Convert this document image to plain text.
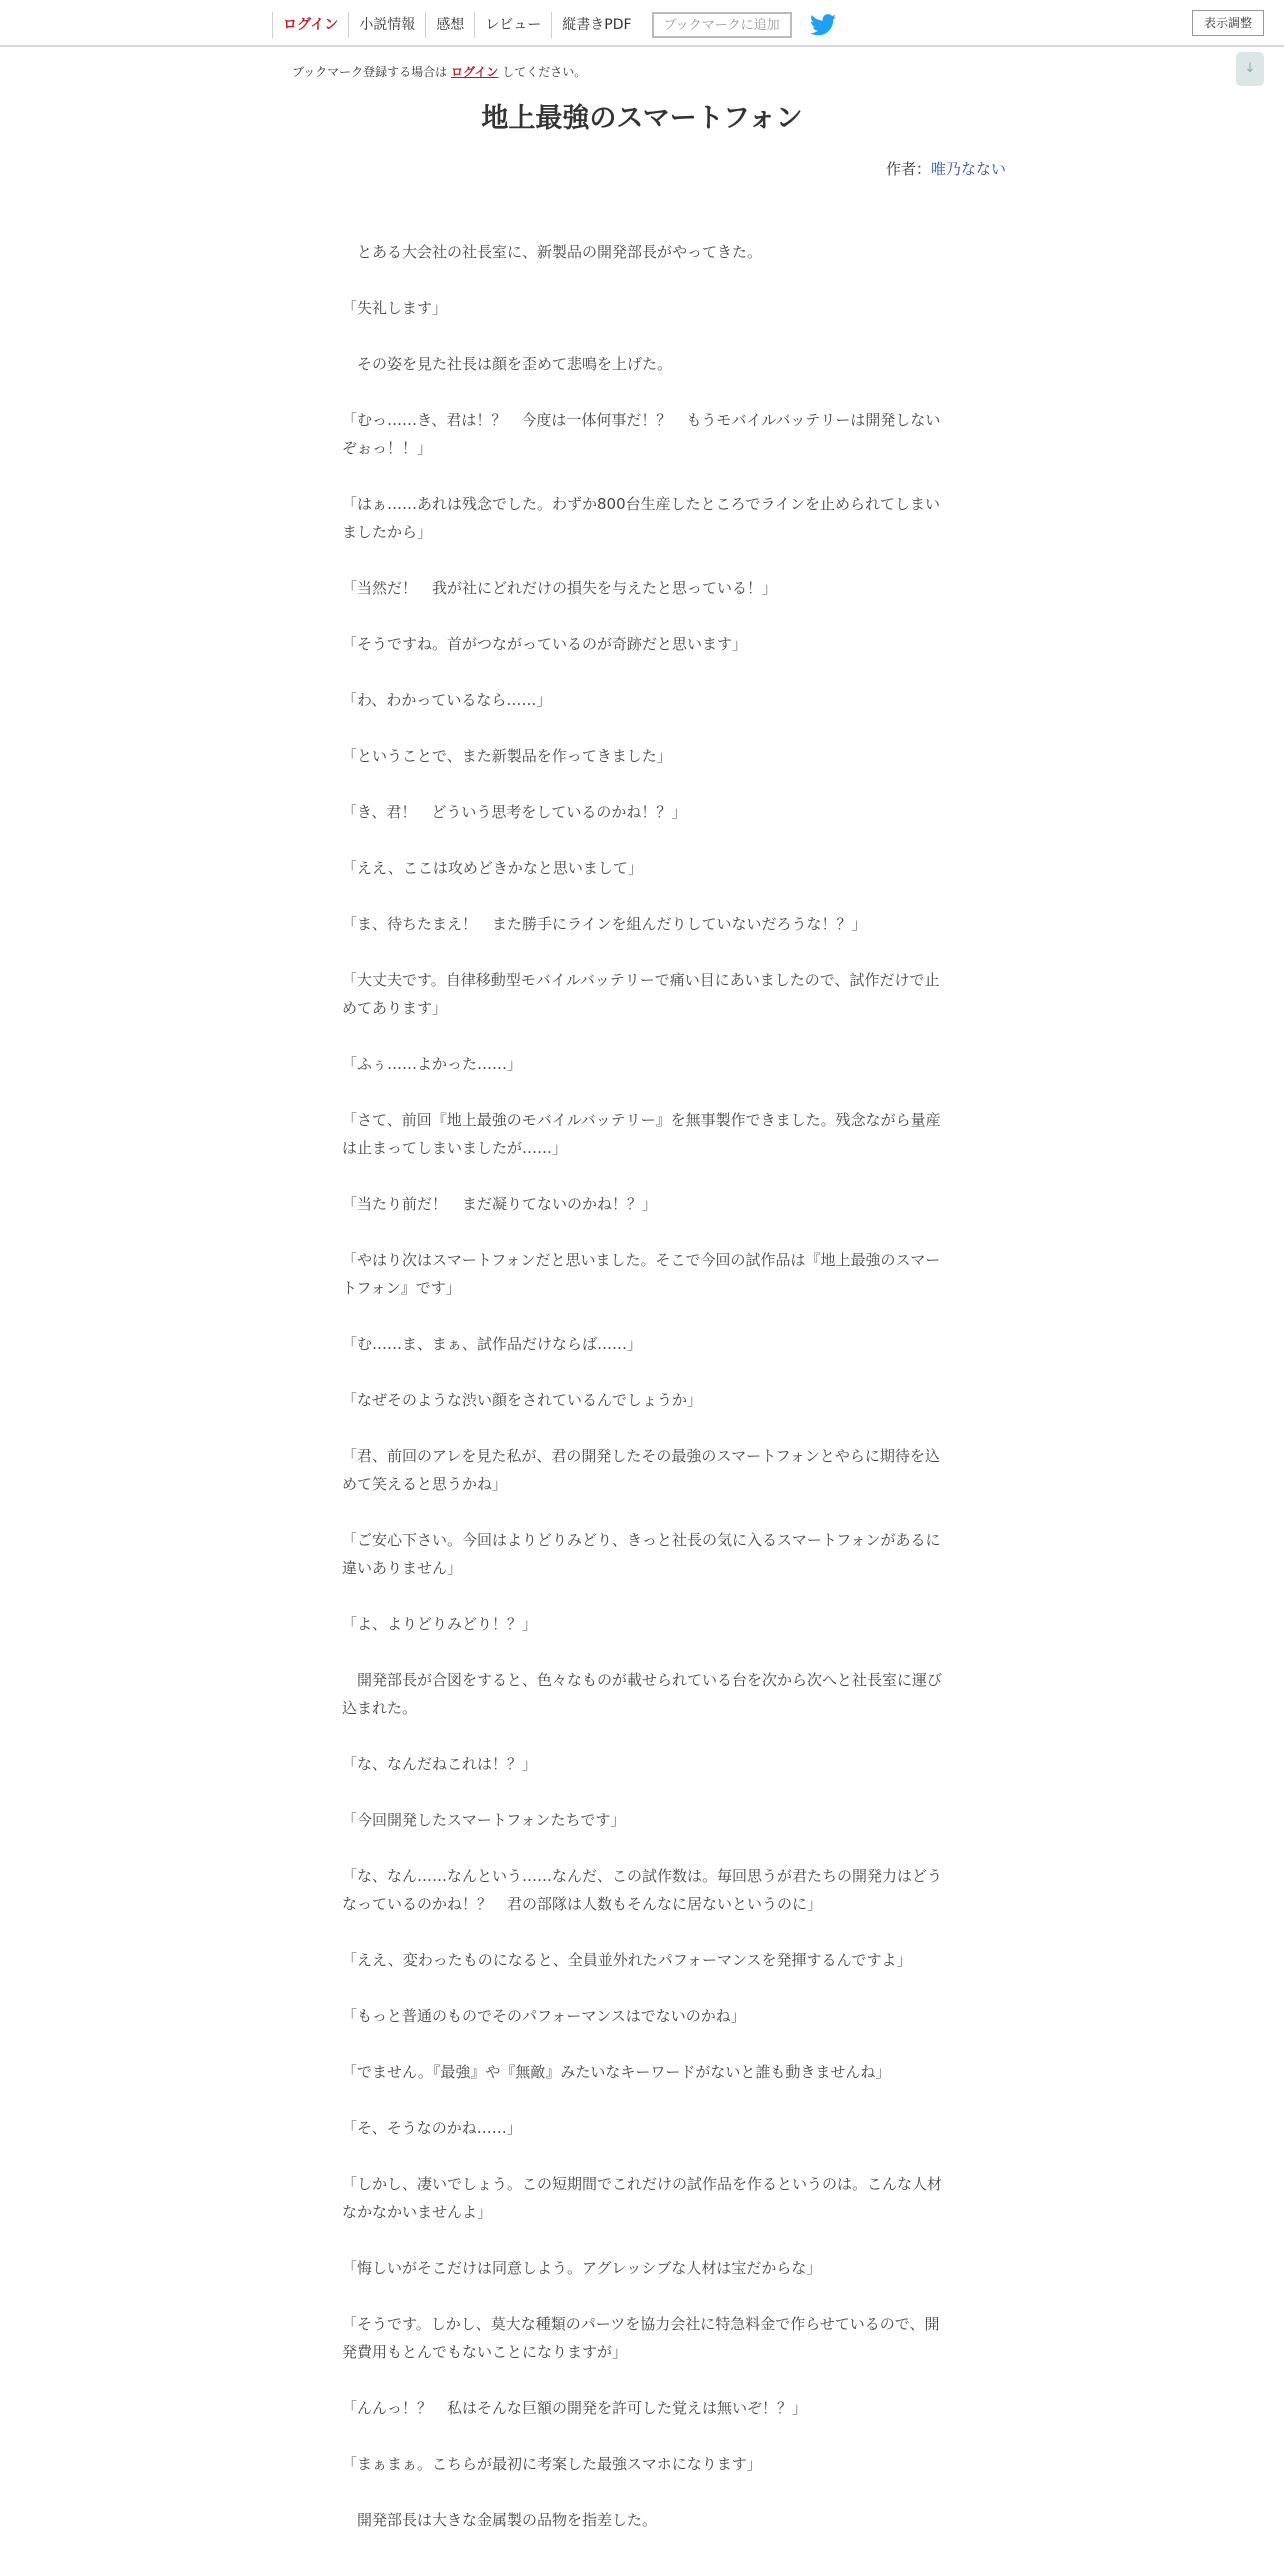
ログイン	小説情報	感想	レビュー	縦書きPDF	ブックマークに追加	表示調整
↓
ブックマーク登録する場合は ログイン してください。
地上最強のスマートフォン
作者：唯乃なない

　とある大会社の社長室に、新製品の開発部長がやってきた。

「失礼します」

　その姿を見た社長は顔を歪めて悲鳴を上げた。

「むっ……き、君は！？　今度は一体何事だ！？　もうモバイルバッテリーは開発しないぞぉっ！！」

「はぁ……あれは残念でした。わずか800台生産したところでラインを止められてしまいましたから」

「当然だ！　我が社にどれだけの損失を与えたと思っている！」

「そうですね。首がつながっているのが奇跡だと思います」

「わ、わかっているなら……」

「ということで、また新製品を作ってきました」

「き、君！　どういう思考をしているのかね！？」

「ええ、ここは攻めどきかなと思いまして」

「ま、待ちたまえ！　また勝手にラインを組んだりしていないだろうな！？」

「大丈夫です。自律移動型モバイルバッテリーで痛い目にあいましたので、試作だけで止めてあります」

「ふぅ……よかった……」

「さて、前回『地上最強のモバイルバッテリー』を無事製作できました。残念ながら量産は止まってしまいましたが……」

「当たり前だ！　まだ凝りてないのかね！？」

「やはり次はスマートフォンだと思いました。そこで今回の試作品は『地上最強のスマートフォン』です」

「む……ま、まぁ、試作品だけならば……」

「なぜそのような渋い顔をされているんでしょうか」

「君、前回のアレを見た私が、君の開発したその最強のスマートフォンとやらに期待を込めて笑えると思うかね」

「ご安心下さい。今回はよりどりみどり、きっと社長の気に入るスマートフォンがあるに違いありません」

「よ、よりどりみどり！？」

　開発部長が合図をすると、色々なものが載せられている台を次から次へと社長室に運び込まれた。

「な、なんだねこれは！？」

「今回開発したスマートフォンたちです」

「な、なん……なんという……なんだ、この試作数は。毎回思うが君たちの開発力はどうなっているのかね！？　君の部隊は人数もそんなに居ないというのに」

「ええ、変わったものになると、全員並外れたパフォーマンスを発揮するんですよ」

「もっと普通のものでそのパフォーマンスはでないのかね」

「でません。『最強』や『無敵』みたいなキーワードがないと誰も動きませんね」

「そ、そうなのかね……」

「しかし、凄いでしょう。この短期間でこれだけの試作品を作るというのは。こんな人材なかなかいませんよ」

「悔しいがそこだけは同意しよう。アグレッシブな人材は宝だからな」

「そうです。しかし、莫大な種類のパーツを協力会社に特急料金で作らせているので、開発費用もとんでもないことになりますが」

「んんっ！？　私はそんな巨額の開発を許可した覚えは無いぞ！？」

「まぁまぁ。こちらが最初に考案した最強スマホになります」

　開発部長は大きな金属製の品物を指差した。
